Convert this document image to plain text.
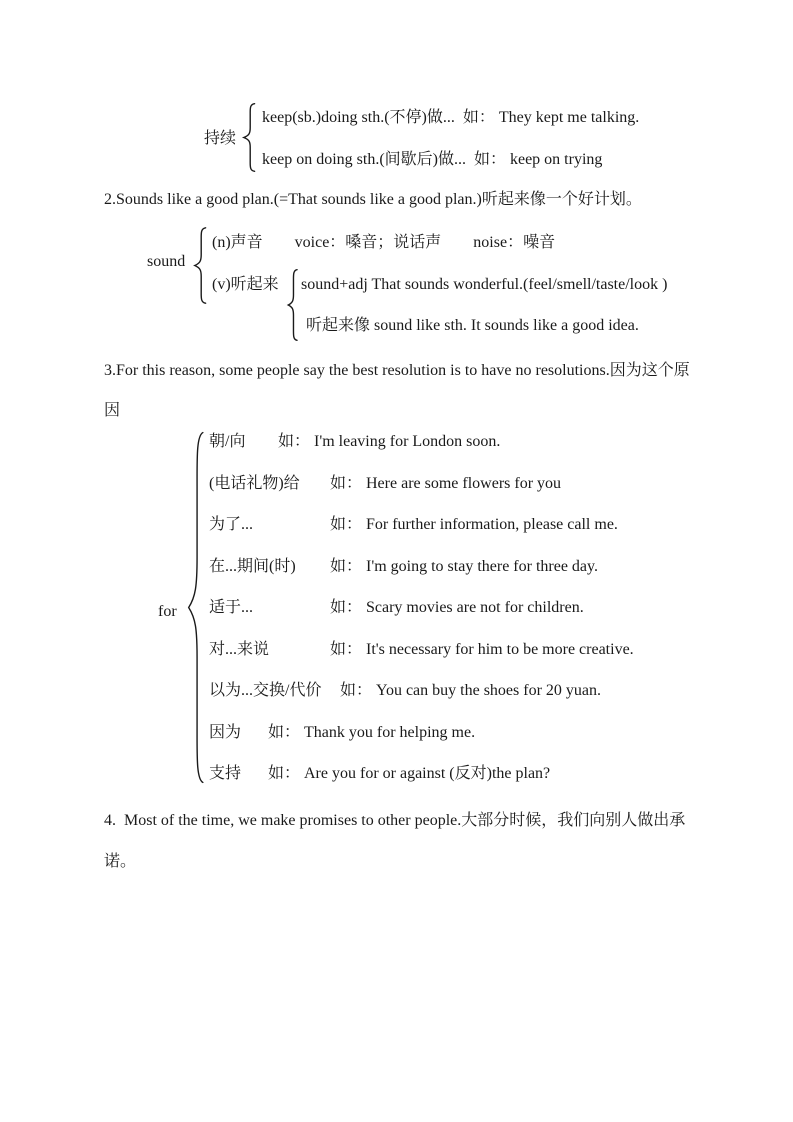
持续
keep(sb.)doing sth.(不停)做...  如： They kept me talking.
keep on doing sth.(间歇后)做...  如： keep on trying
2.Sounds like a good plan.(=That sounds like a good plan.)听起来像一个好计划。
sound
(n)声音　　voice：嗓音；说话声　　noise：噪音
(v)听起来 sound+adj That sounds wonderful.(feel/smell/taste/look )
听起来像 sound like sth. It sounds like a good idea.
3.For this reason, some people say the best resolution is to have no resolutions.因为这个原因
for
朝/向	如： I'm leaving for London soon.
(电话礼物)给	如： Here are some flowers for you
为了...	如： For further information, please call me.
在...期间(时)	如： I'm going to stay there for three day.
适于...	如： Scary movies are not for children.
对...来说	如： It's necessary for him to be more creative.
以为...交换/代价	如： You can buy the shoes for 20 yuan.
因为	如： Thank you for helping me.
支持	如： Are you for or against (反对)the plan?
4.  Most of the time, we make promises to other people.大部分时候，我们向别人做出承诺。
